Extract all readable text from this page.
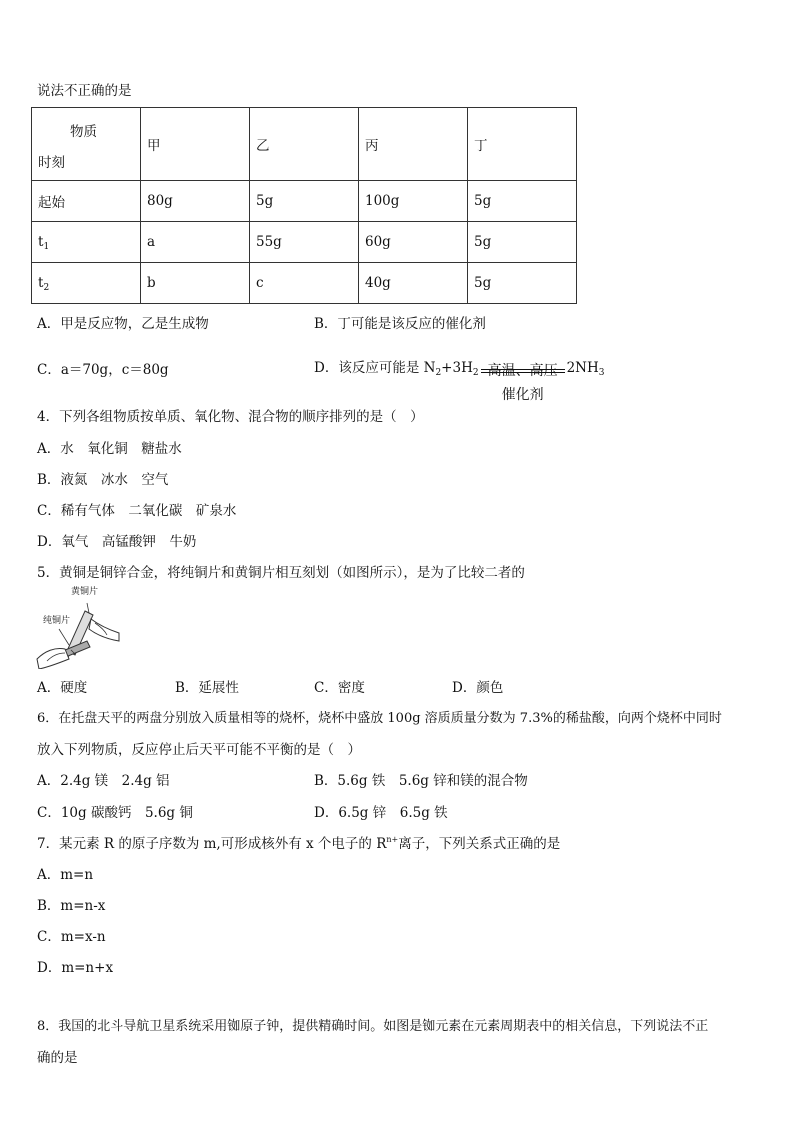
说法不正确的是
物质
时刻	甲	乙	丙	丁
起始	80g	5g	100g	5g
$t_1$	a	55g	60g	5g
$t_2$	b	c	40g	5g
A．甲是反应物，乙是生成物	B．丁可能是该反应的催化剂
C．a＝70g，c＝80g	D．该反应可能是 $N_2+3H_2$ 高温、高压
催化剂
$2NH_3$
4．下列各组物质按单质、氧化物、混合物的顺序排列的是（　）
A．水　氧化铜　糖盐水
B．液氮　冰水　空气
C．稀有气体　二氧化碳　矿泉水
D．氧气　高锰酸钾　牛奶
5．黄铜是铜锌合金，将纯铜片和黄铜片相互刻划（如图所示），是为了比较二者的
黄铜片
纯铜片
A．硬度	B．延展性	C．密度	D．颜色
6．在托盘天平的两盘分别放入质量相等的烧杯，烧杯中盛放 100g 溶质质量分数为 7.3%的稀盐酸，向两个烧杯中同时
放入下列物质，反应停止后天平可能不平衡的是（　）
A．2.4g 镁　2.4g 铝	B．5.6g 铁　5.6g 锌和镁的混合物
C．10g 碳酸钙　5.6g 铜	D．6.5g 锌　6.5g 铁
7．某元素 R 的原子序数为 m,可形成核外有 x 个电子的 $R^{n+}$离子，下列关系式正确的是
A．m=n
B．m=n-x
C．m=x-n
D．m=n+x
8．我国的北斗导航卫星系统采用铷原子钟，提供精确时间。如图是铷元素在元素周期表中的相关信息，下列说法不正
确的是
